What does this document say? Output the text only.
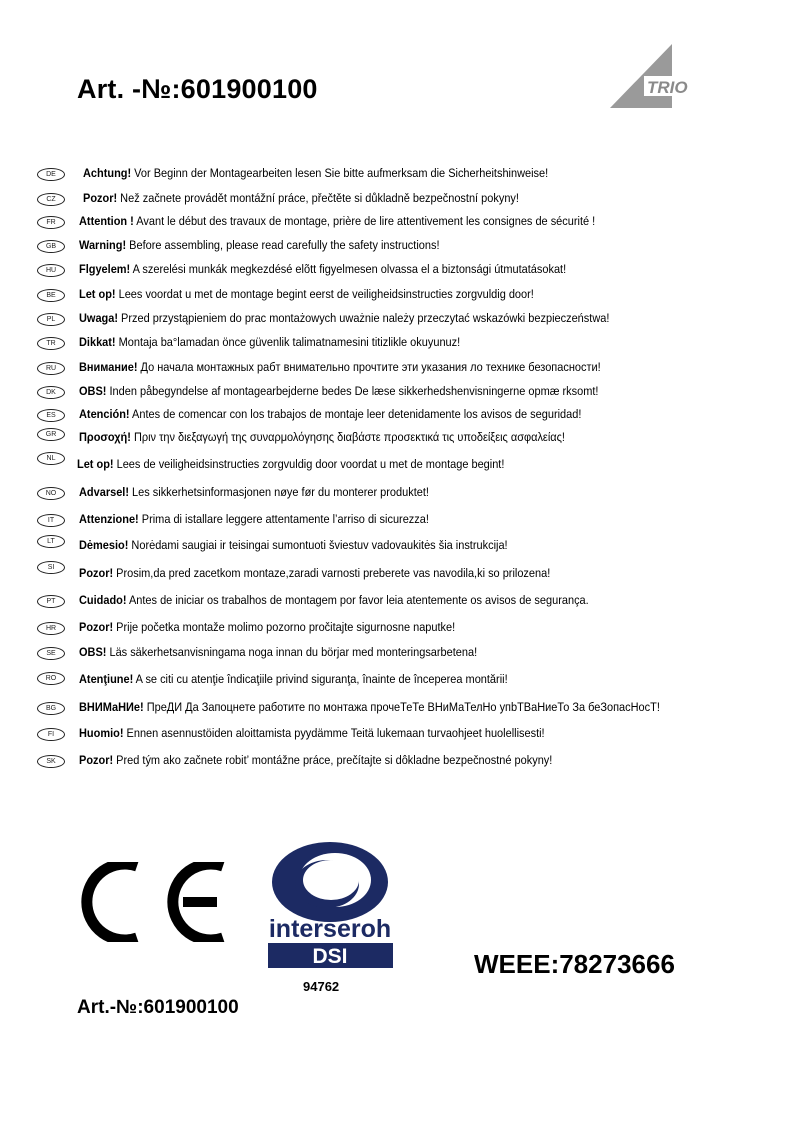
Art. -№:601900100	TRIO
DE	Achtung! Vor Beginn der Montagearbeiten lesen Sie bitte aufmerksam die Sicherheitshinweise!
CZ	Pozor! Než začnete provádět montážní práce, přečtěte si důkladně bezpečnostní pokyny!
FR	Attention ! Avant le début des travaux de montage, prière de lire attentivement les consignes de sécurité !
GB	Warning! Before assembling, please read carefully the safety instructions!
HU	Flgyelem! A szerelési munkák megkezdésé elõtt figyelmesen olvassa el a biztonsági útmutatásokat!
BE	Let op! Lees voordat u met de montage begint eerst de veiligheidsinstructies zorgvuldig door!
PL	Uwaga! Przed przystąpieniem do prac montażowych uważnie należy przeczytać wskazówki bezpieczeństwa!
TR	Dikkat! Montaja ba°lamadan önce güvenlik talimatnamesini titizlikle okuyunuz!
RU	Внимание! До начала монтажных рабт внимательно прочтите эти указания ло технике безопасности!
DK	OBS! Inden påbegyndelse af montagearbejderne bedes De læse sikkerhedshenvisningerne opmæ rksomt!
ES	Atención! Antes de comencar con los trabajos de montaje leer detenidamente los avisos de seguridad!
GR	Προσοχή! Πριν την διεξαγωγή της συναρμολόγησης διαβάστε προσεκτικά τις υποδείξεις ασφαλείας!
NL	Let op! Lees de veiligheidsinstructies zorgvuldig door voordat u met de montage begint!
NO	Advarsel! Les sikkerhetsinformasjonen nøye før du monterer produktet!
IT	Attenzione! Prima di istallare leggere attentamente l’arriso di sicurezza!
LT	Dėmesio! Norėdami saugiai ir teisingai sumontuoti šviestuv vadovaukitės šia instrukcija!
SI	Pozor! Prosim,da pred zacetkom montaze,zaradi varnosti preberete vas navodila,ki so prilozena!
PT	Cuidado! Antes de iniciar os trabalhos de montagem por favor leia atentemente os avisos de segurança.
HR	Pozor! Prije početka montaže molimo pozorno pročitajte sigurnosne naputke!
SE	OBS! Läs säkerhetsanvisningama noga innan du börjar med monteringsarbetena!
RO	Atenţiune! A se citi cu atenţie îndicaţiile privind siguranţa, înainte de începerea montării!
BG	ВНИМаНИе! ПреДИ Да Запоцнете работите по монтажа прочеТеТе ВНиМаТелНо упbТВаНиеТо За беЗопасНосТ!
FI	Huomio! Ennen asennustöiden aloittamista pyydämme Teitä lukemaan turvaohjeet huolellisesti!
SK	Pozor! Pred tým ako začnete robit’ montážne práce, prečítajte si dôkladne bezpečnostné pokyny!
interseroh
DSI
94762
Art.-№:601900100
WEEE:78273666
